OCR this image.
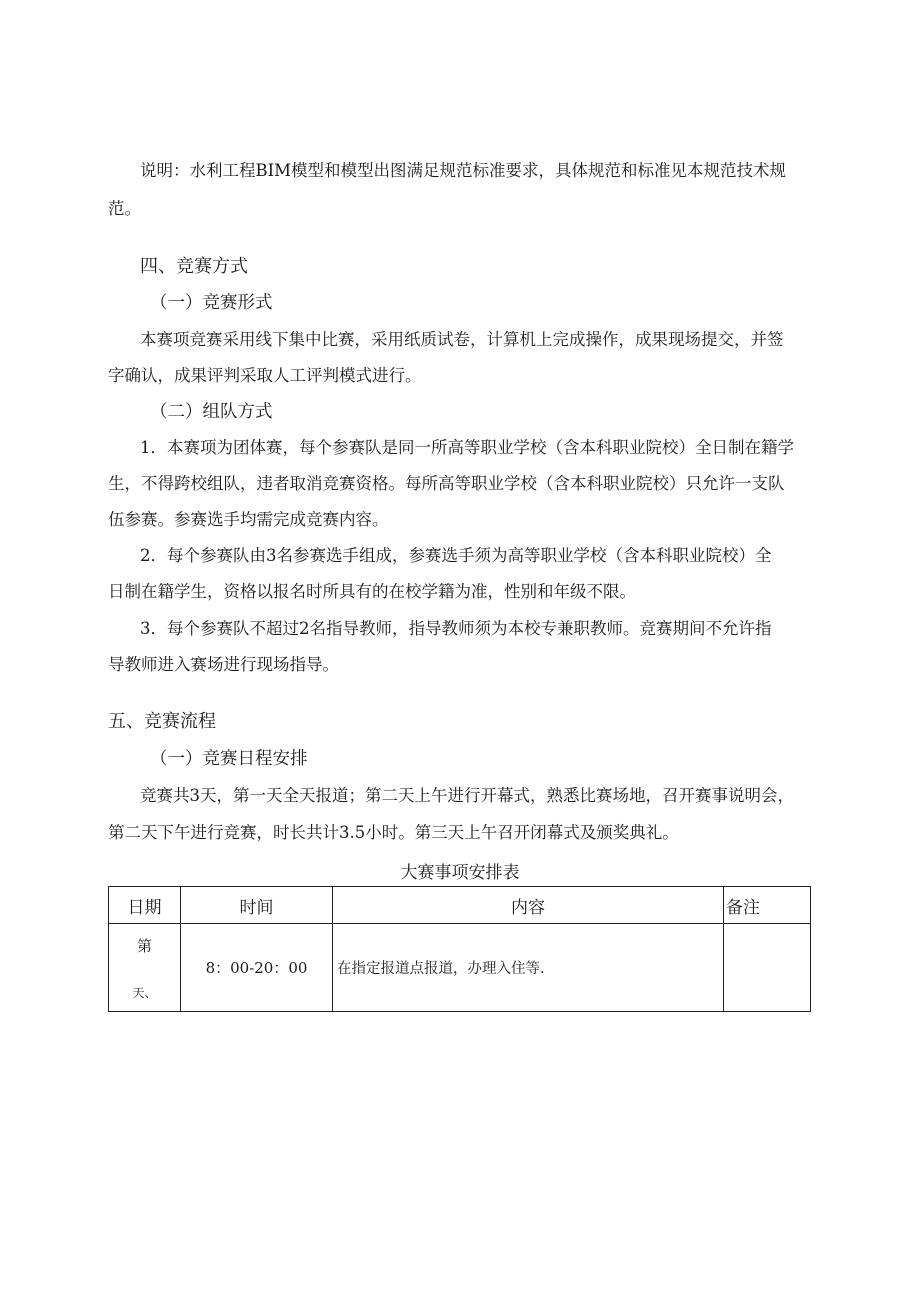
说明：水利工程BIM模型和模型出图满足规范标准要求，具体规范和标准见本规范技术规
范。
四、竞赛方式
（一）竞赛形式
本赛项竞赛采用线下集中比赛，采用纸质试卷，计算机上完成操作，成果现场提交，并签
字确认，成果评判采取人工评判模式进行。
（二）组队方式
1．本赛项为团体赛，每个参赛队是同一所高等职业学校（含本科职业院校）全日制在籍学
生，不得跨校组队，违者取消竞赛资格。每所高等职业学校（含本科职业院校）只允许一支队
伍参赛。参赛选手均需完成竞赛内容。
2．每个参赛队由3名参赛选手组成，参赛选手须为高等职业学校（含本科职业院校）全
日制在籍学生，资格以报名时所具有的在校学籍为准，性别和年级不限。
3．每个参赛队不超过2名指导教师，指导教师须为本校专兼职教师。竞赛期间不允许指
导教师进入赛场进行现场指导。
五、竞赛流程
（一）竞赛日程安排
竞赛共3天，第一天全天报道；第二天上午进行开幕式，熟悉比赛场地，召开赛事说明会，
第二天下午进行竞赛，时长共计3.5小时。第三天上午召开闭幕式及颁奖典礼。
大赛事项安排表
日期	时间	内容	备注

第
天、	8：00-20：00	在指定报道点报道，办理入住等.	
